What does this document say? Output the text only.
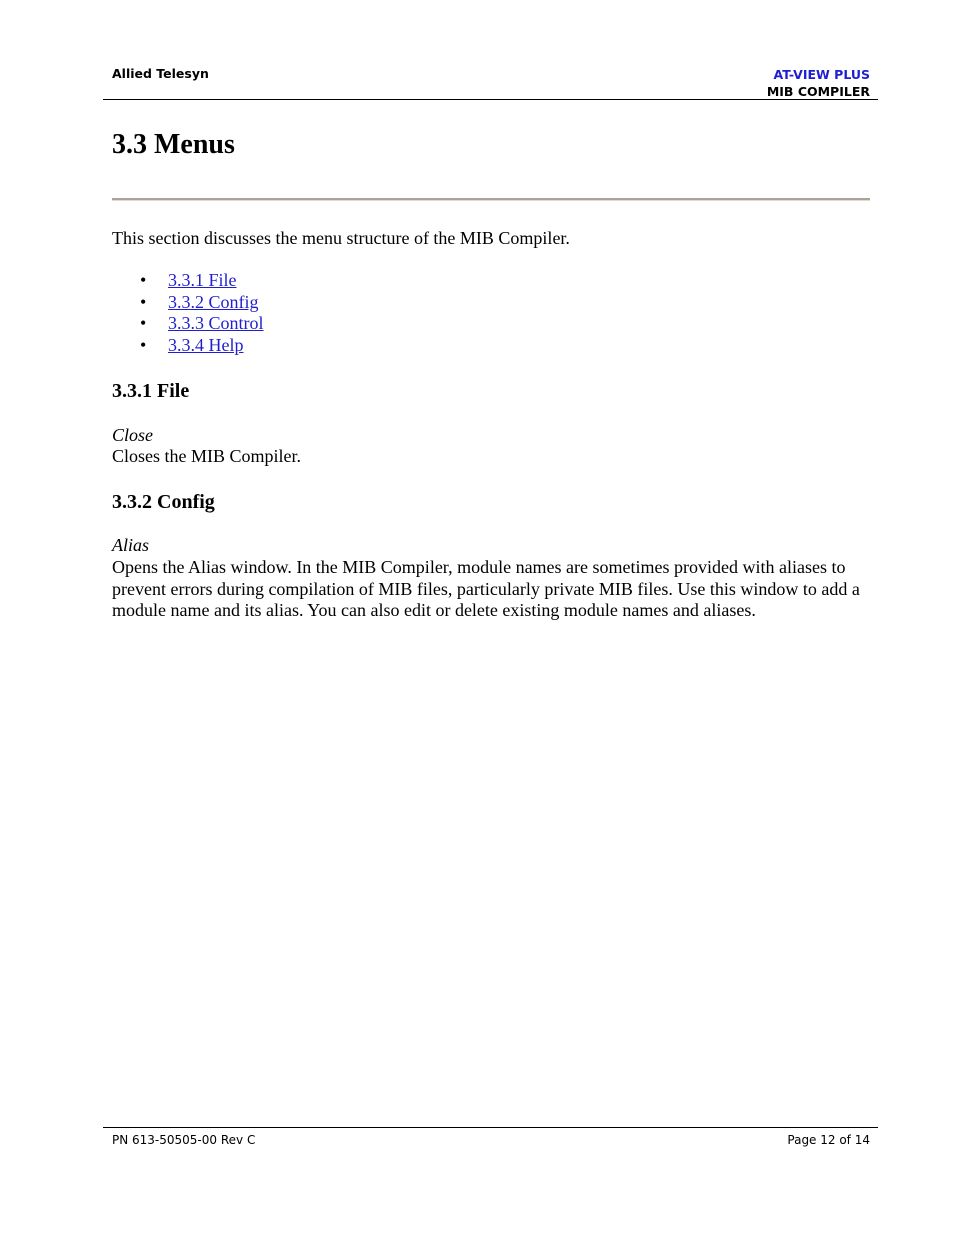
Allied Telesyn	AT-VIEW PLUS
MIB COMPILER
3.3 Menus

This section discusses the menu structure of the MIB Compiler.

• 3.3.1 File
• 3.3.2 Config
• 3.3.3 Control
• 3.3.4 Help
3.3.1 File

Close

Closes the MIB Compiler.

3.3.2 Config

Alias

Opens the Alias window. In the MIB Compiler, module names are sometimes provided with aliases to prevent errors during compilation of MIB files, particularly private MIB files. Use this window to add a module name and its alias. You can also edit or delete existing module names and aliases.

PN 613-50505-00 Rev C	Page 12 of 14
